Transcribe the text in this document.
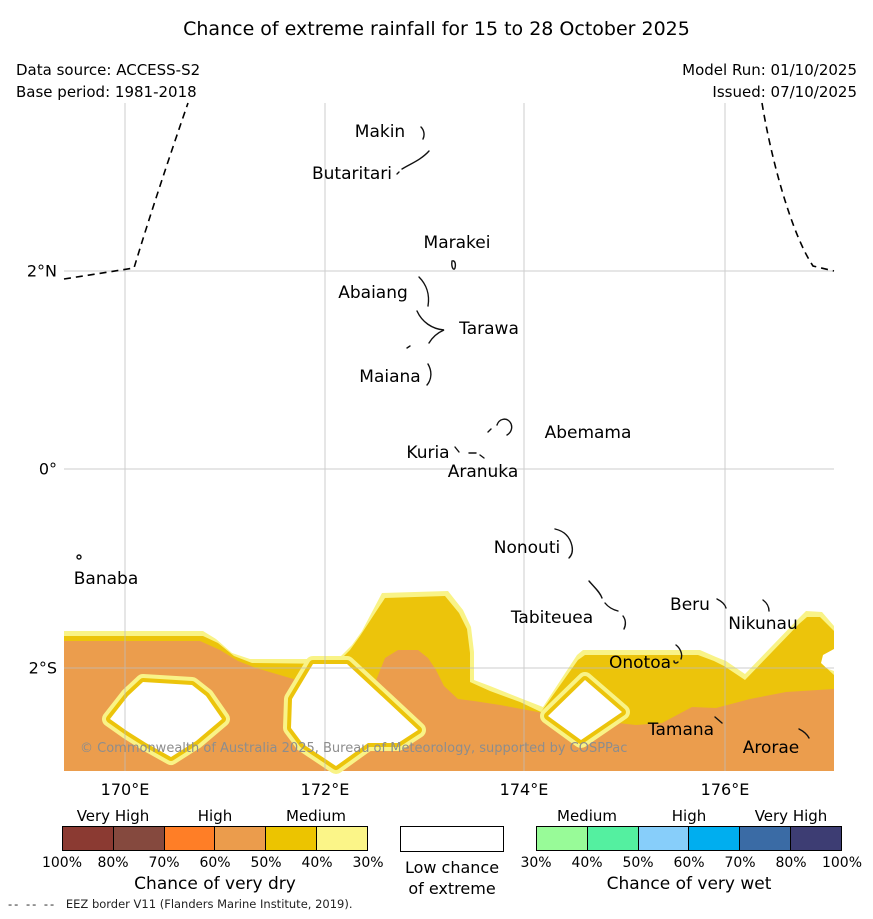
Chance of extreme rainfall for 15 to 28 October 2025
Data source: ACCESS-S2
Base period: 1981-2018
Model Run: 01/10/2025
Issued: 07/10/2025
2°N
0°
2°S
170°E	172°E	174°E	176°E
Makin
Butaritari
Marakei
Abaiang
Tarawa
Maiana
Abemama
Kuria
Aranuka
Nonouti
Banaba
Tabiteuea
Beru
Nikunau
Onotoa
Tamana
Arorae
© Commonwealth of Australia 2025, Bureau of Meteorology, supported by COSPPac
Very High	High	Medium
100% 80% 70% 60% 50% 40% 30%
Chance of very dry
Low chance
of extreme
Medium	High	Very High
30% 40% 50% 60% 70% 80% 100%
Chance of very wet
-- -- -- EEZ border V11 (Flanders Marine Institute, 2019).
